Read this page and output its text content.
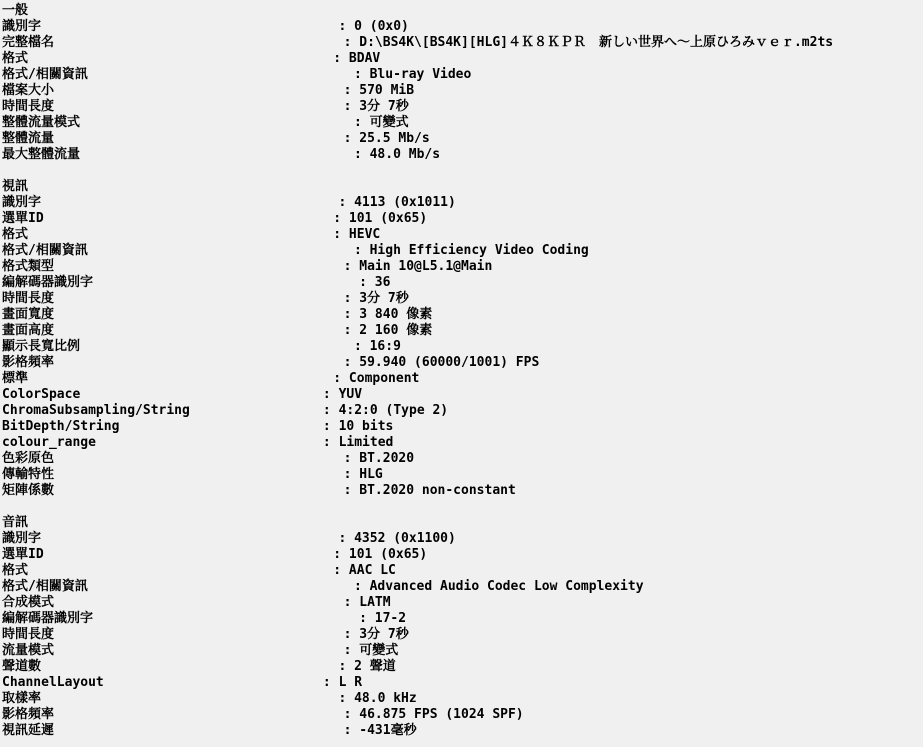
一般
識別字	: 0 (0x0)
完整檔名	: D:\BS4K\[BS4K][HLG]４Ｋ８ＫＰＲ　新しい世界へ～上原ひろみｖｅｒ.m2ts
格式	: BDAV
格式/相關資訊	: Blu-ray Video
檔案大小	: 570 MiB
時間長度	: 3分 7秒
整體流量模式	: 可變式
整體流量	: 25.5 Mb/s
最大整體流量	: 48.0 Mb/s
視訊
識別字	: 4113 (0x1011)
選單ID	: 101 (0x65)
格式	: HEVC
格式/相關資訊	: High Efficiency Video Coding
格式類型	: Main 10@L5.1@Main
編解碼器識別字	: 36
時間長度	: 3分 7秒
畫面寬度	: 3 840 像素
畫面高度	: 2 160 像素
顯示長寬比例	: 16:9
影格頻率	: 59.940 (60000/1001) FPS
標準	: Component
ColorSpace	: YUV
ChromaSubsampling/String	: 4:2:0 (Type 2)
BitDepth/String	: 10 bits
colour_range	: Limited
色彩原色	: BT.2020
傳輸特性	: HLG
矩陣係數	: BT.2020 non-constant
音訊
識別字	: 4352 (0x1100)
選單ID	: 101 (0x65)
格式	: AAC LC
格式/相關資訊	: Advanced Audio Codec Low Complexity
合成模式	: LATM
編解碼器識別字	: 17-2
時間長度	: 3分 7秒
流量模式	: 可變式
聲道數	: 2 聲道
ChannelLayout	: L R
取樣率	: 48.0 kHz
影格頻率	: 46.875 FPS (1024 SPF)
視訊延遲	: -431毫秒
